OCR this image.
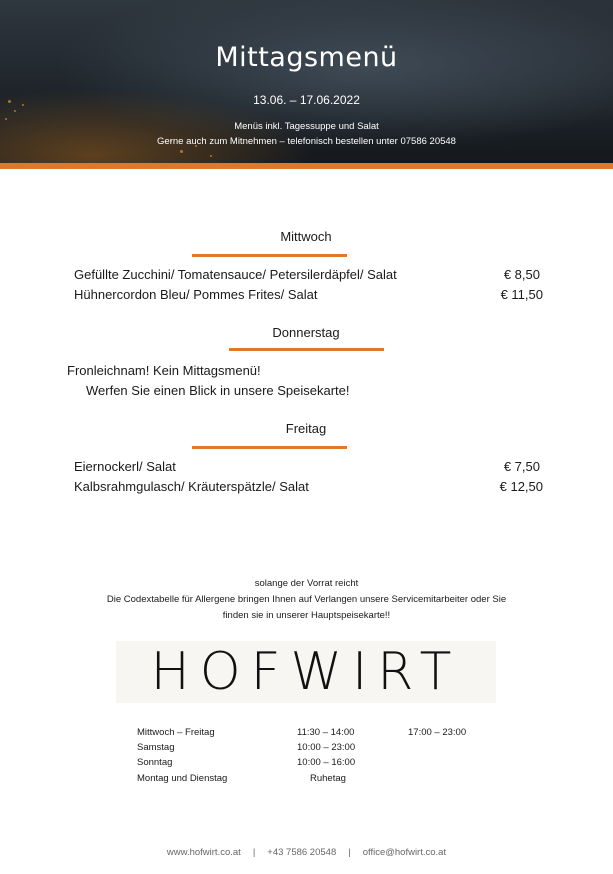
Mittagsmenü
13.06. – 17.06.2022
Menüs inkl. Tagessuppe und Salat
Gerne auch zum Mitnehmen – telefonisch bestellen unter 07586 20548
Mittwoch
Gefüllte Zucchini/ Tomatensauce/ Petersilerdäpfel/ Salat	€ 8,50
Hühnercordon Bleu/ Pommes Frites/ Salat	€ 11,50
Donnerstag
Fronleichnam! Kein Mittagsmenü!
Werfen Sie einen Blick in unsere Speisekarte!
Freitag
Eiernockerl/ Salat	€ 7,50
Kalbsrahmgulasch/ Kräuterspätzle/ Salat	€ 12,50
solange der Vorrat reicht
Die Codextabelle für Allergene bringen Ihnen auf Verlangen unsere Servicemitarbeiter oder Sie
finden sie in unserer Hauptspeisekarte!!
HOFWIRT
Mittwoch – Freitag	11:30 – 14:00	17:00 – 23:00
Samstag	10:00 – 23:00
Sonntag	10:00 – 16:00
Montag und Dienstag	Ruhetag
www.hofwirt.co.at | +43 7586 20548 | office@hofwirt.co.at
